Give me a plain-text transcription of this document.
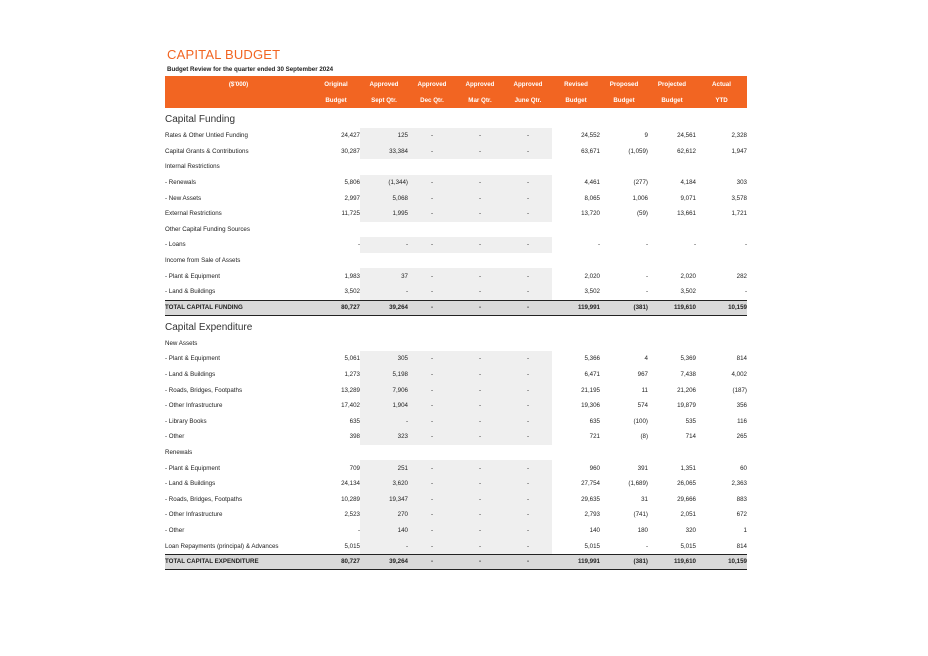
CAPITAL BUDGET
Budget Review for the quarter ended 30 September 2024
($'000)	Original	Approved	Approved	Approved	Approved	Revised	Proposed	Projected	Actual
	Budget	Sept Qtr.	Dec Qtr.	Mar Qtr.	June Qtr.	Budget	Budget	Budget	YTD
Capital Funding									
Rates & Other Untied Funding	24,427	125	-	-	-	24,552	9	24,561	2,328
Capital Grants & Contributions	30,287	33,384	-	-	-	63,671	(1,059)	62,612	1,947
Internal Restrictions									
- Renewals	5,806	(1,344)	-	-	-	4,461	(277)	4,184	303
- New Assets	2,997	5,068	-	-	-	8,065	1,006	9,071	3,578
External Restrictions	11,725	1,995	-	-	-	13,720	(59)	13,661	1,721
Other Capital Funding Sources									
- Loans	-	-	-	-	-	-	-	-	-
Income from Sale of Assets									
- Plant & Equipment	1,983	37	-	-	-	2,020	-	2,020	282
- Land & Buildings	3,502	-	-	-	-	3,502	-	3,502	-
TOTAL CAPITAL FUNDING	80,727	39,264	-	-	-	119,991	(381)	119,610	10,159
Capital Expenditure									
New Assets									
- Plant & Equipment	5,061	305	-	-	-	5,366	4	5,369	814
- Land & Buildings	1,273	5,198	-	-	-	6,471	967	7,438	4,002
- Roads, Bridges, Footpaths	13,289	7,906	-	-	-	21,195	11	21,206	(187)
- Other Infrastructure	17,402	1,904	-	-	-	19,306	574	19,879	356
- Library Books	635	-	-	-	-	635	(100)	535	116
- Other	398	323	-	-	-	721	(8)	714	265
Renewals									
- Plant & Equipment	709	251	-	-	-	960	391	1,351	60
- Land & Buildings	24,134	3,620	-	-	-	27,754	(1,689)	26,065	2,363
- Roads, Bridges, Footpaths	10,289	19,347	-	-	-	29,635	31	29,666	883
- Other Infrastructure	2,523	270	-	-	-	2,793	(741)	2,051	672
- Other	-	140	-	-	-	140	180	320	1
Loan Repayments (principal) & Advances	5,015	-	-	-	-	5,015	-	5,015	814
TOTAL CAPITAL EXPENDITURE	80,727	39,264	-	-	-	119,991	(381)	119,610	10,159
